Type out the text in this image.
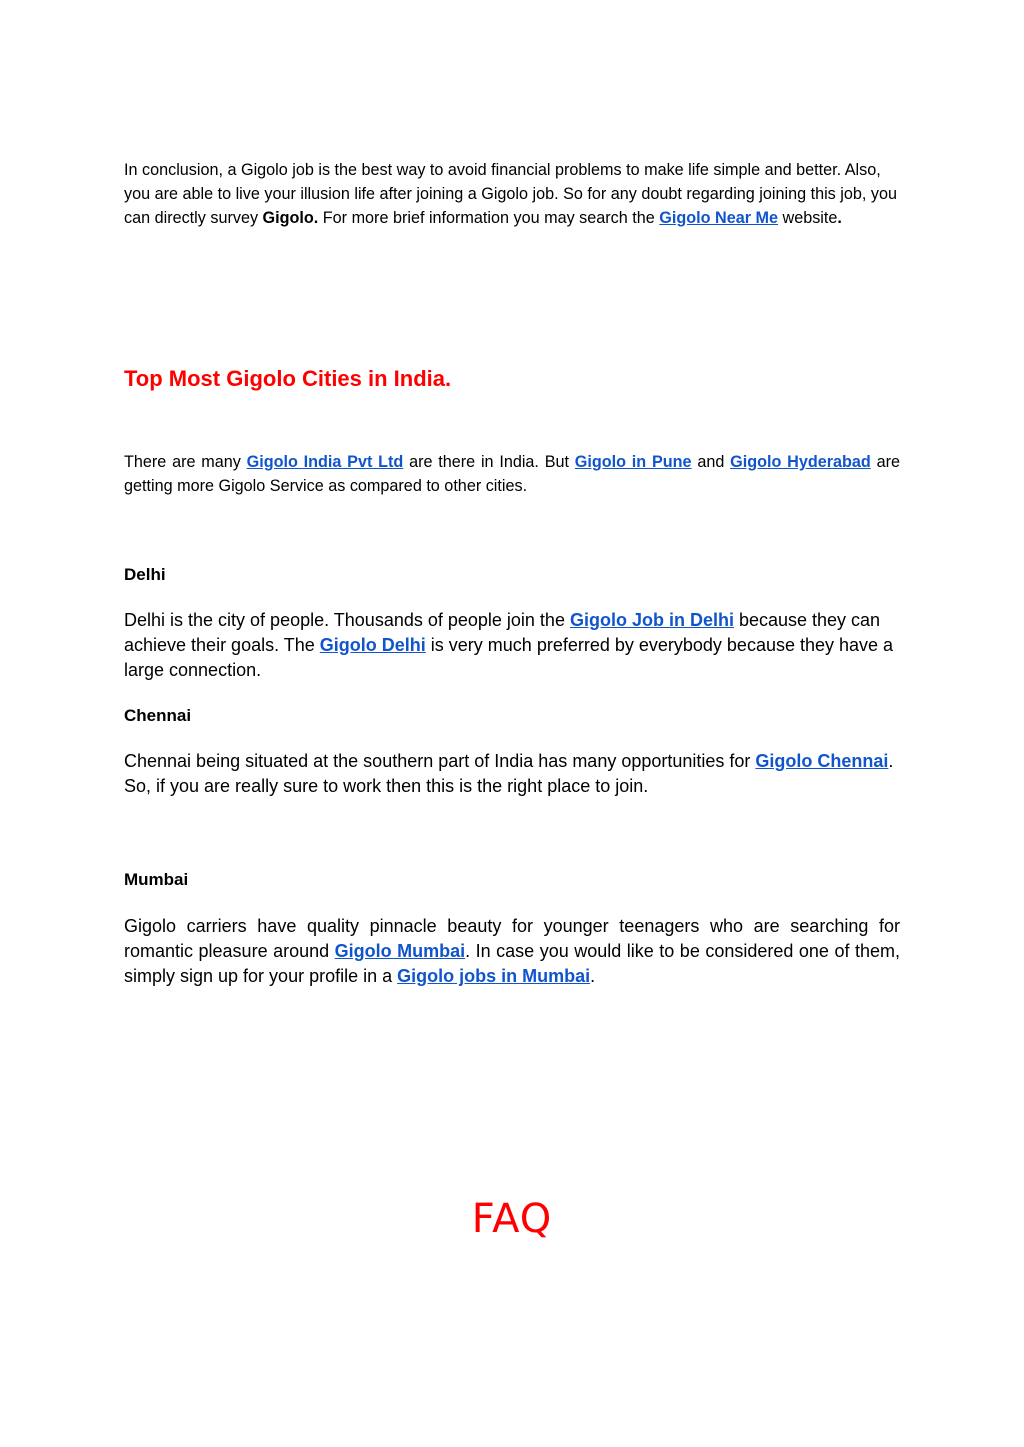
In conclusion, a Gigolo job is the best way to avoid financial problems to make life simple and better. Also, you are able to live your illusion life after joining a Gigolo job. So for any doubt regarding joining this job, you can directly survey Gigolo. For more brief information you may search the Gigolo Near Me website.

Top Most Gigolo Cities in India.

There are many Gigolo India Pvt Ltd are there in India. But Gigolo in Pune and Gigolo Hyderabad are getting more Gigolo Service as compared to other cities.

Delhi

Delhi is the city of people. Thousands of people join the Gigolo Job in Delhi because they can achieve their goals. The Gigolo Delhi is very much preferred by everybody because they have a large connection.

Chennai

Chennai being situated at the southern part of India has many opportunities for Gigolo Chennai. So, if you are really sure to work then this is the right place to join.

Mumbai

Gigolo carriers have quality pinnacle beauty for younger teenagers who are searching for romantic pleasure around Gigolo Mumbai. In case you would like to be considered one of them, simply sign up for your profile in a Gigolo jobs in Mumbai.

FAQ
